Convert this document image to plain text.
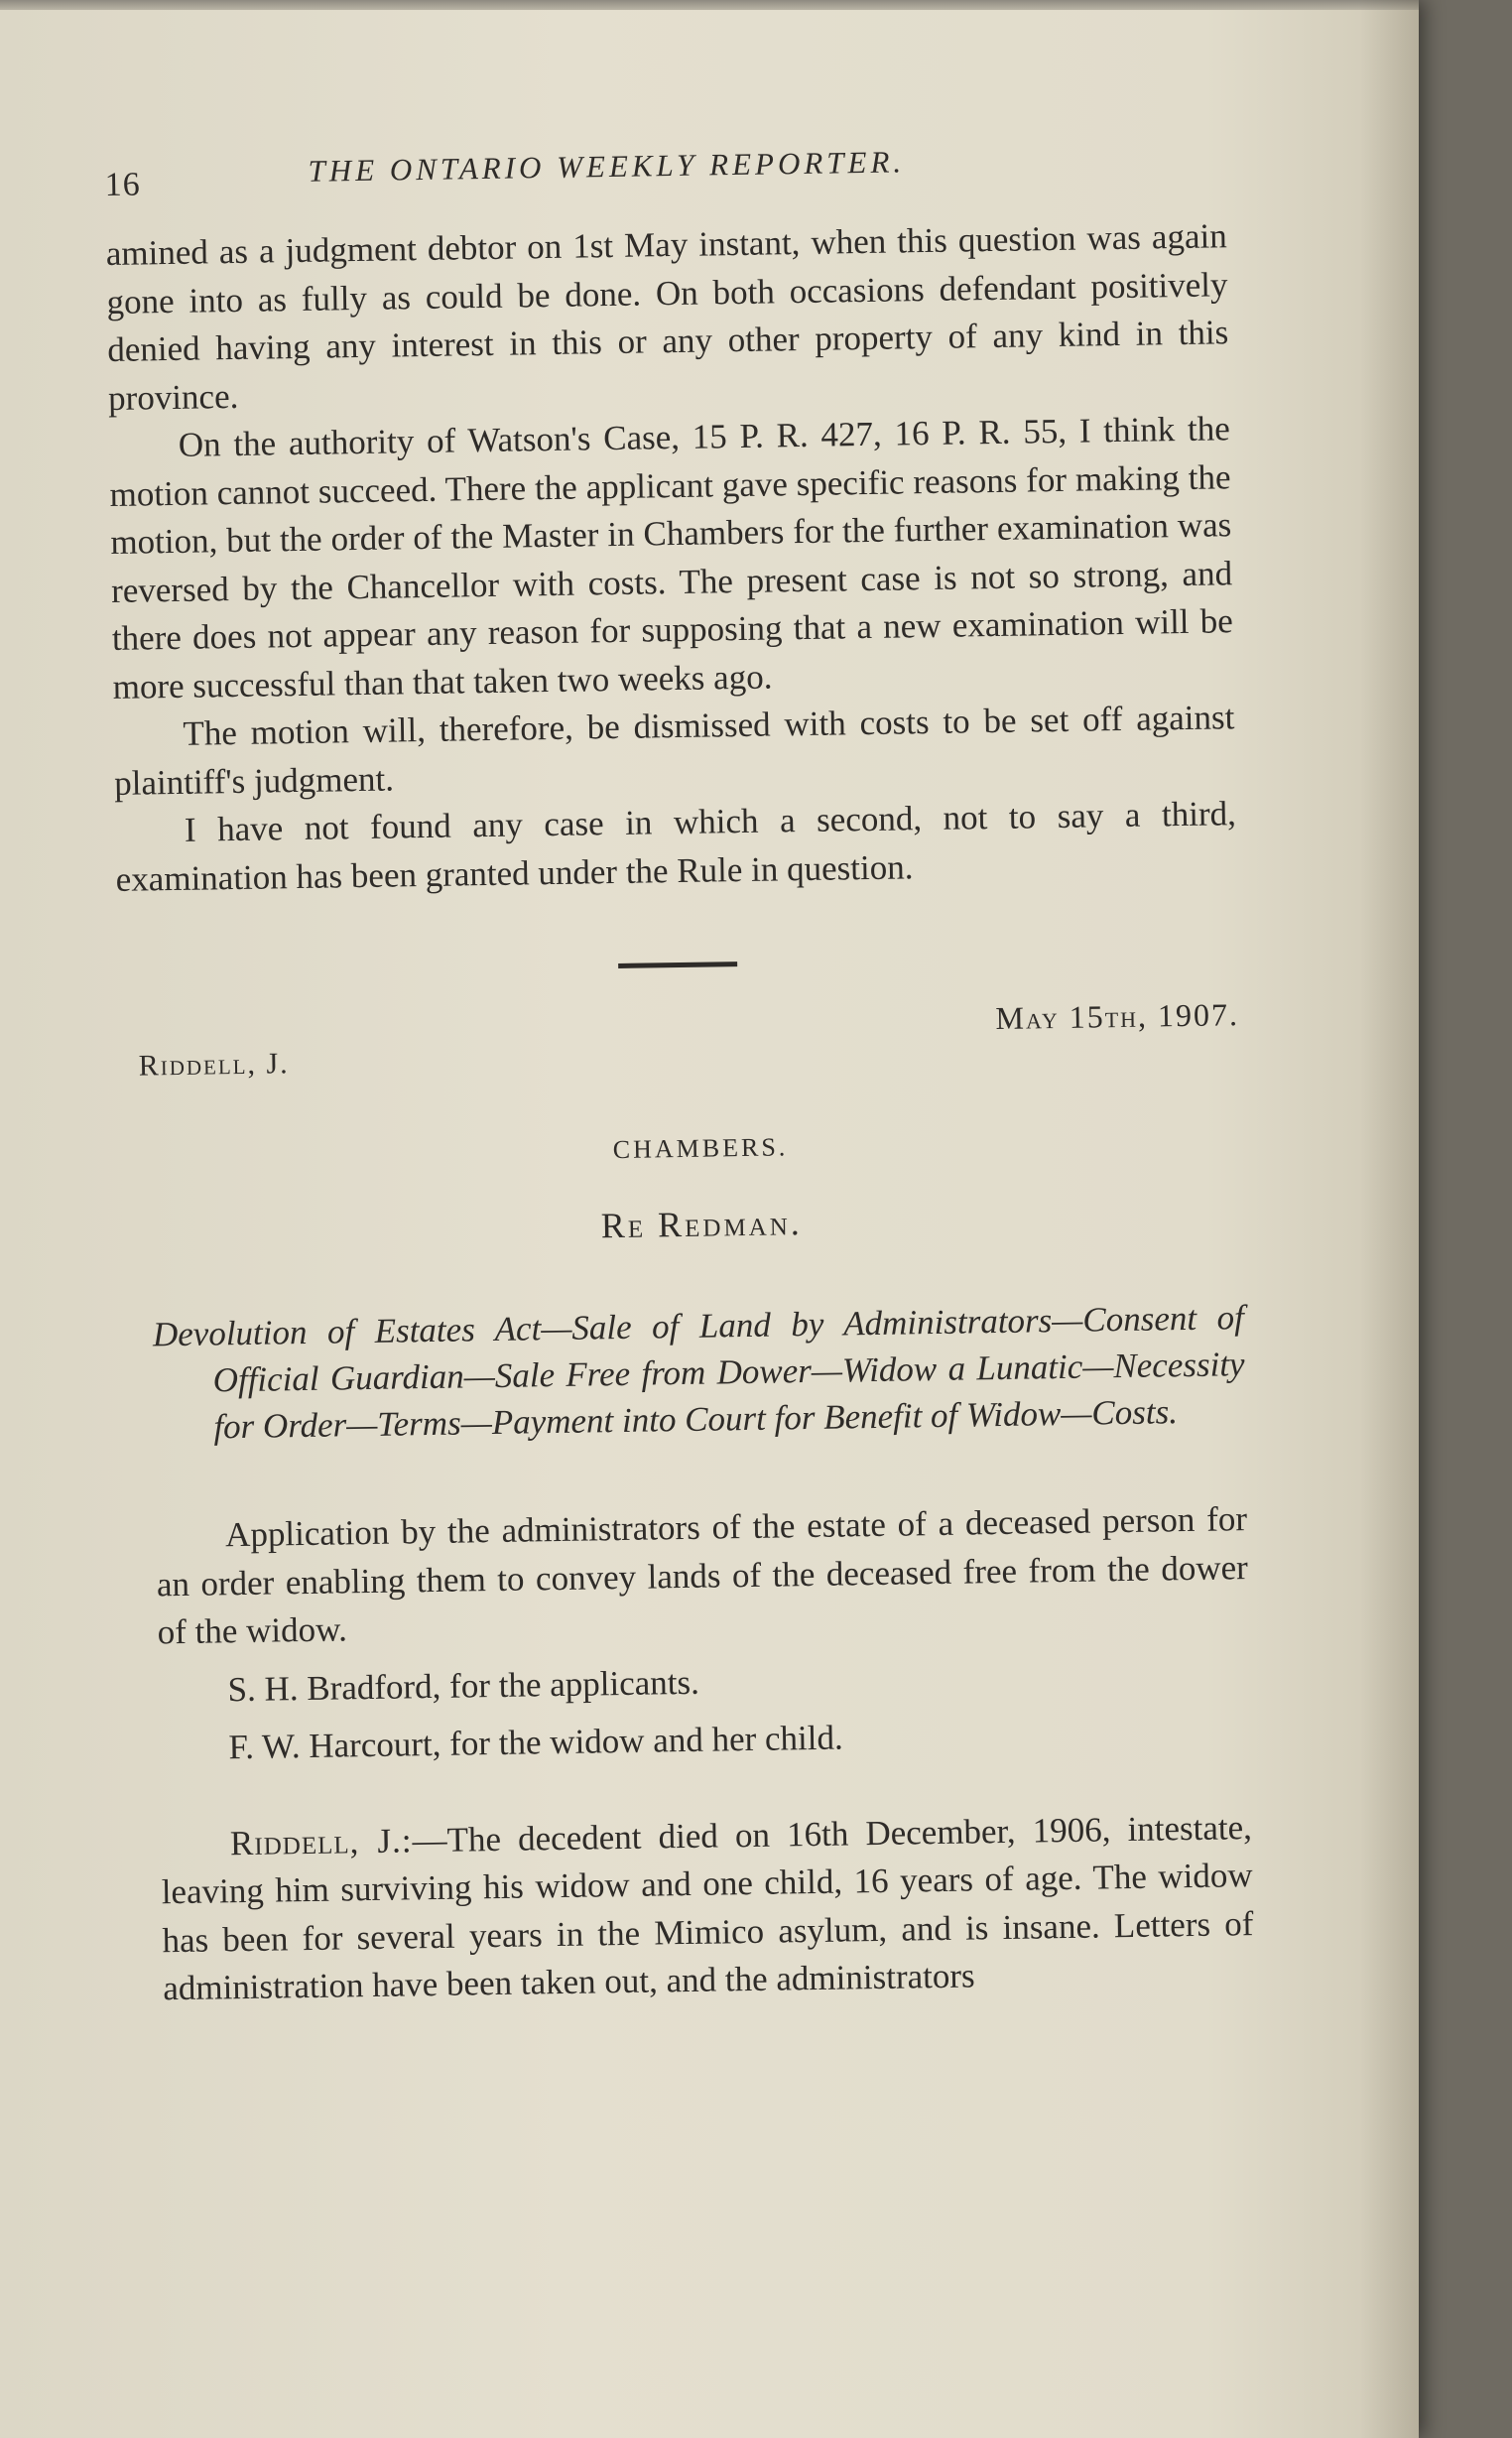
16	THE ONTARIO WEEKLY REPORTER.

amined as a judgment debtor on 1st May instant, when this question was again gone into as fully as could be done. On both occasions defendant positively denied having any interest in this or any other property of any kind in this province.

On the authority of Watson's Case, 15 P. R. 427, 16 P. R. 55, I think the motion cannot succeed. There the applicant gave specific reasons for making the motion, but the order of the Master in Chambers for the further examination was reversed by the Chancellor with costs. The present case is not so strong, and there does not appear any reason for supposing that a new examination will be more successful than that taken two weeks ago.

The motion will, therefore, be dismissed with costs to be set off against plaintiff's judgment.

I have not found any case in which a second, not to say a third, examination has been granted under the Rule in question.

Riddell, J.
May 15th, 1907.
CHAMBERS.
Re Redman.

Devolution of Estates Act—Sale of Land by Administrators—Consent of Official Guardian—Sale Free from Dower—Widow a Lunatic—Necessity for Order—Terms—Payment into Court for Benefit of Widow—Costs.

Application by the administrators of the estate of a deceased person for an order enabling them to convey lands of the deceased free from the dower of the widow.

S. H. Bradford, for the applicants.

F. W. Harcourt, for the widow and her child.

Riddell, J.:—The decedent died on 16th December, 1906, intestate, leaving him surviving his widow and one child, 16 years of age. The widow has been for several years in the Mimico asylum, and is insane. Letters of administration have been taken out, and the administrators
